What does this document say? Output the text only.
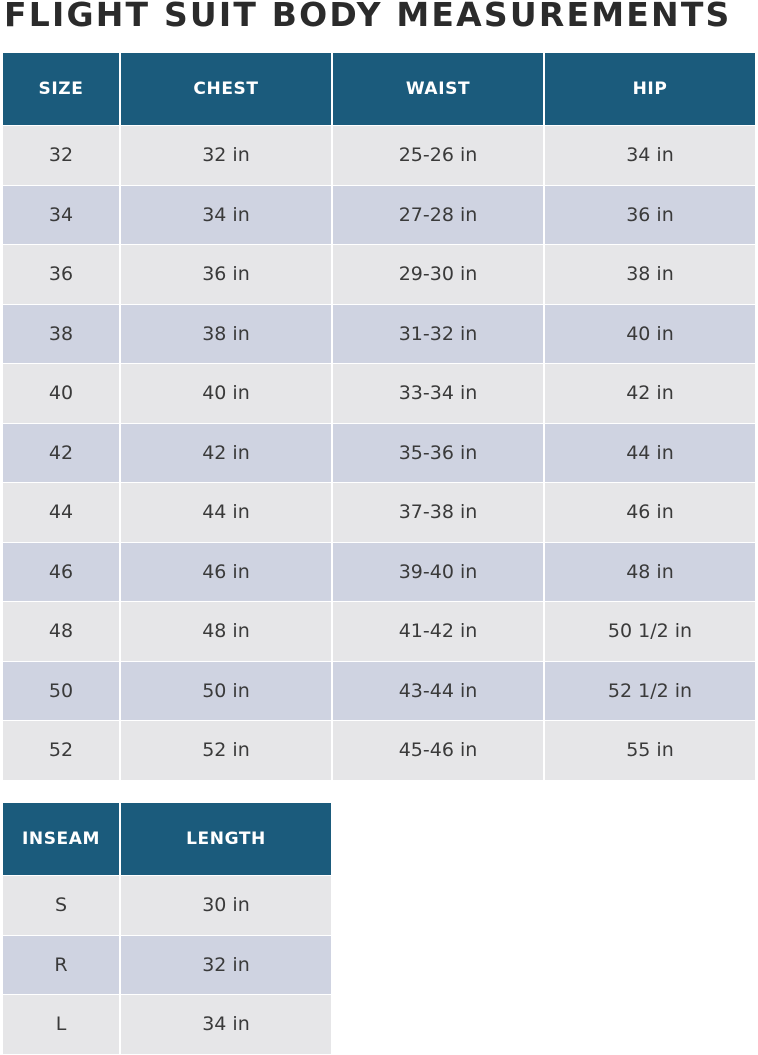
FLIGHT SUIT BODY MEASUREMENTS
SIZE	CHEST	WAIST	HIP
32	32 in	25-26 in	34 in
34	34 in	27-28 in	36 in
36	36 in	29-30 in	38 in
38	38 in	31-32 in	40 in
40	40 in	33-34 in	42 in
42	42 in	35-36 in	44 in
44	44 in	37-38 in	46 in
46	46 in	39-40 in	48 in
48	48 in	41-42 in	50 1/2 in
50	50 in	43-44 in	52 1/2 in
52	52 in	45-46 in	55 in
INSEAM	LENGTH
S	30 in
R	32 in
L	34 in
